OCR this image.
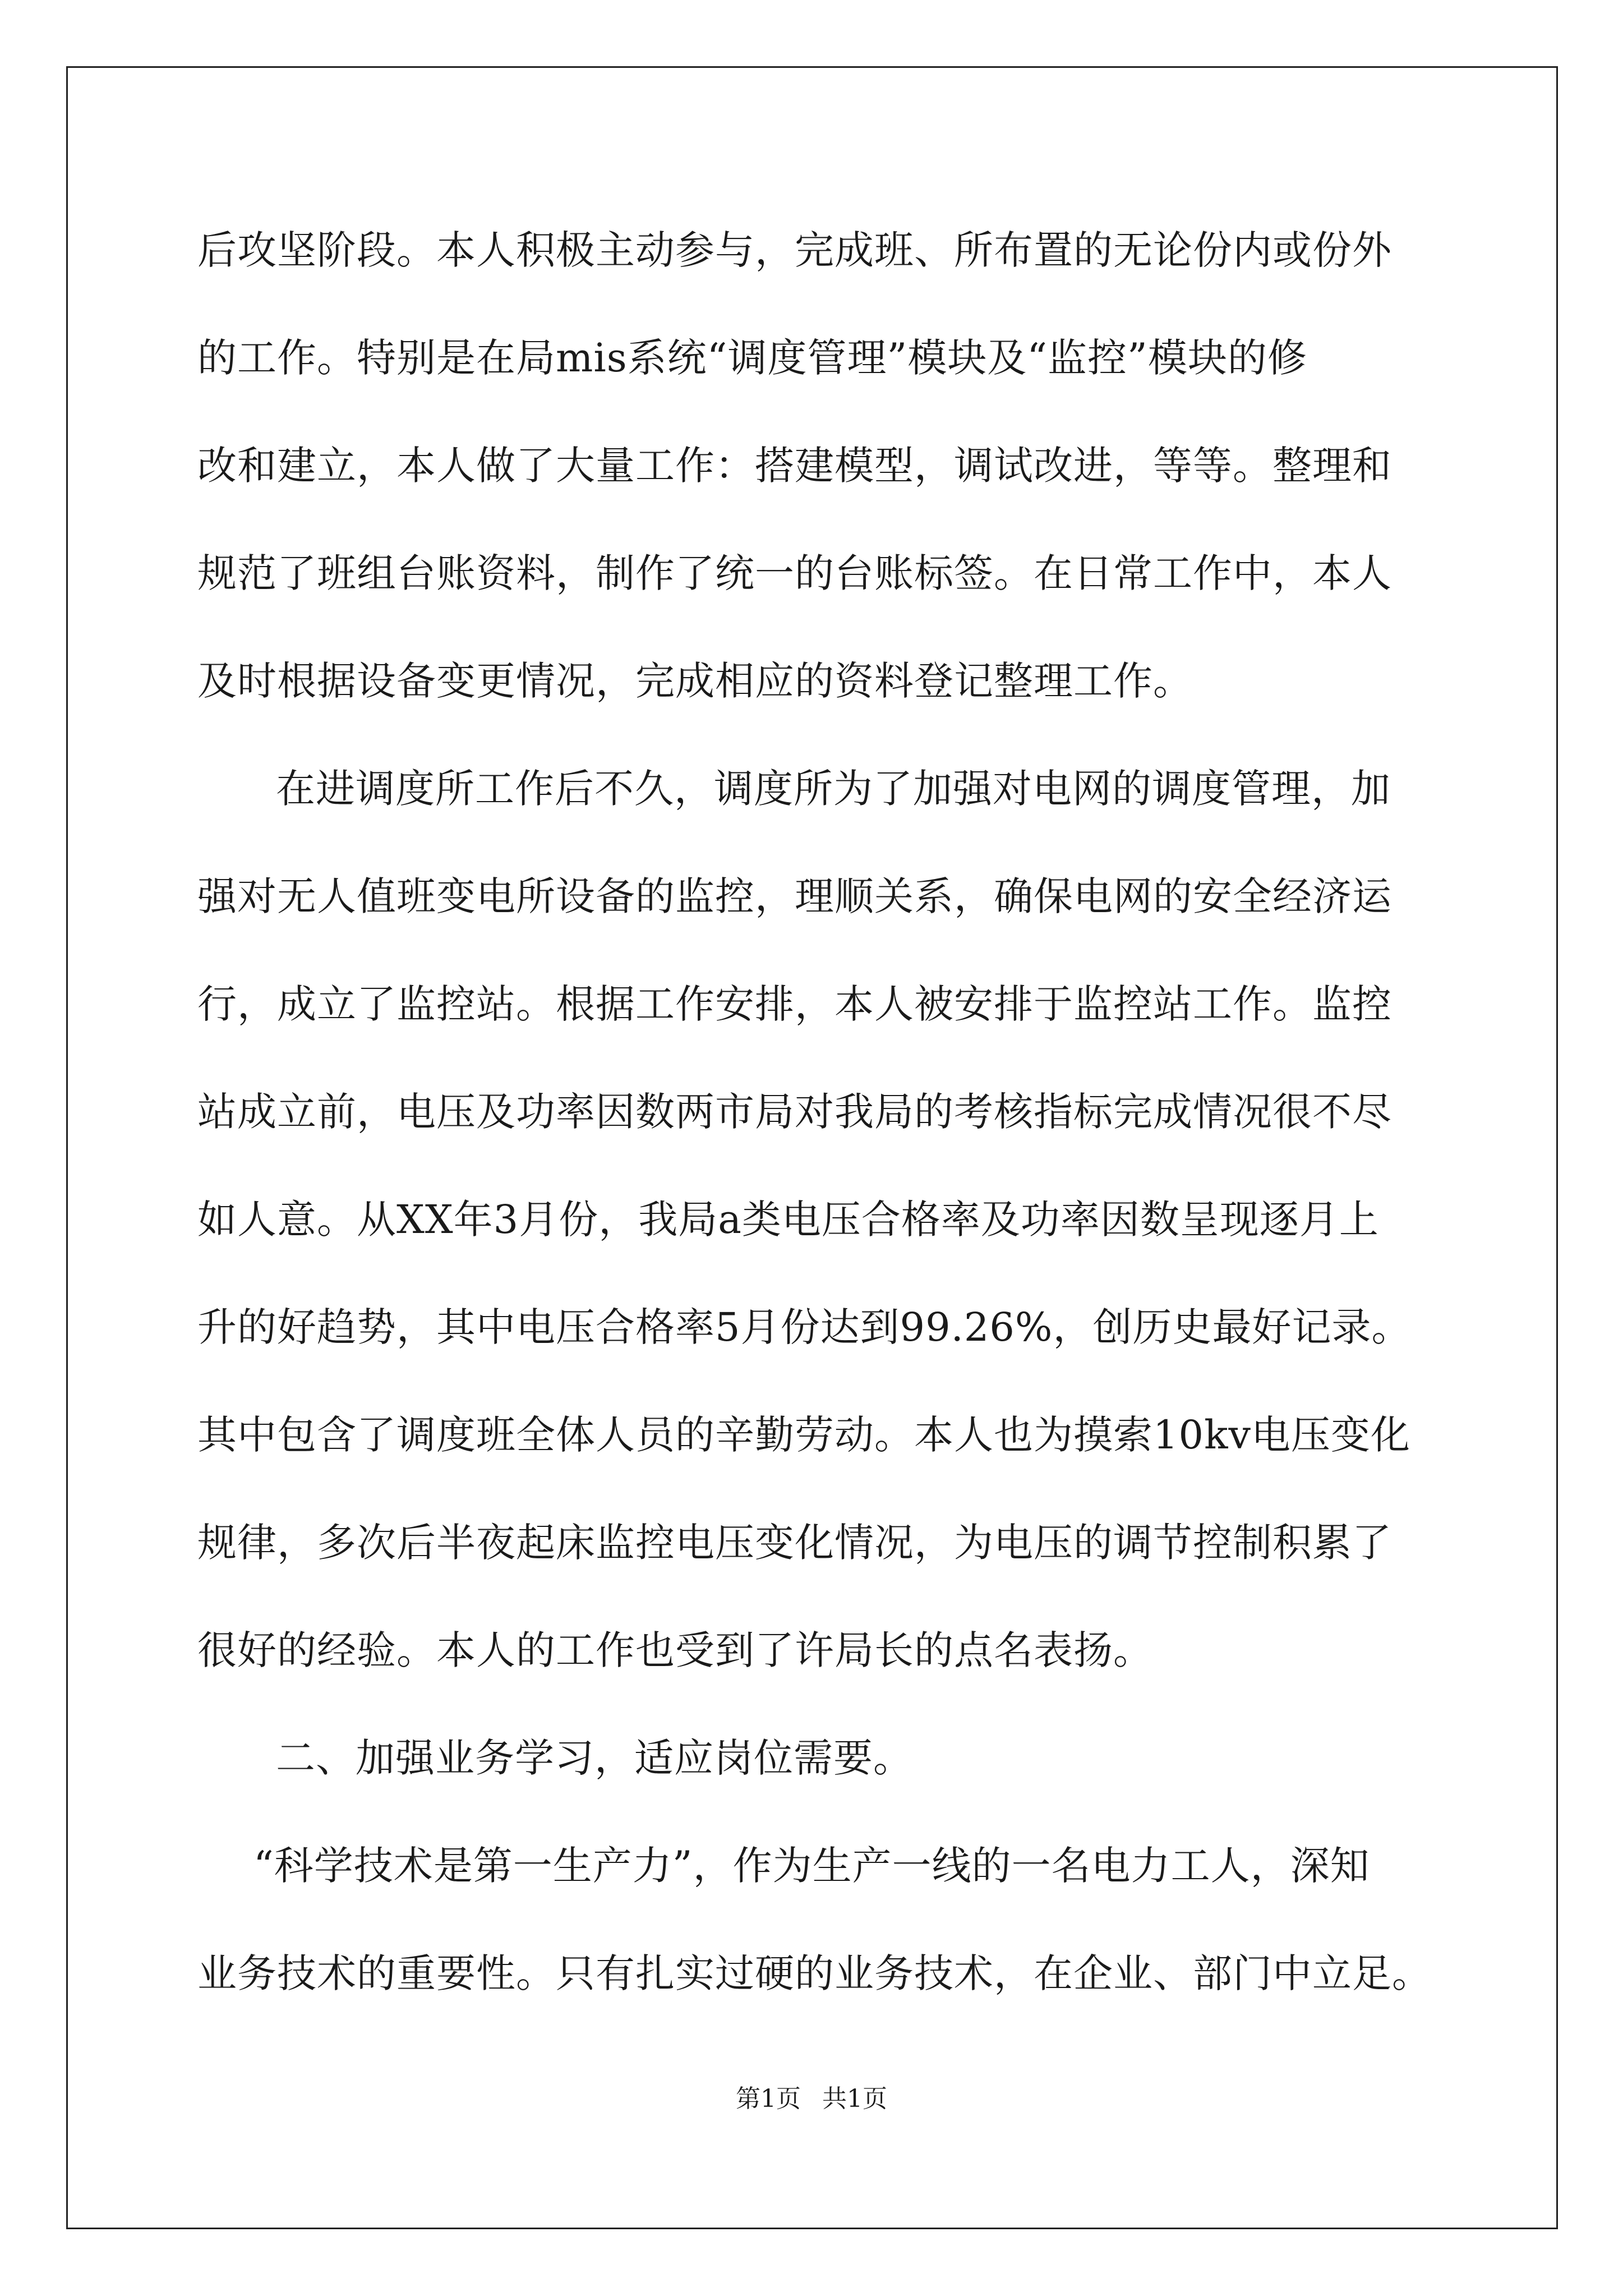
后攻坚阶段。本人积极主动参与，完成班、所布置的无论份内或份外
的工作。特别是在局mis系统“调度管理”模块及“监控”模块的修
改和建立，本人做了大量工作：搭建模型，调试改进，等等。整理和
规范了班组台账资料，制作了统一的台账标签。在日常工作中，本人
及时根据设备变更情况，完成相应的资料登记整理工作。
在进调度所工作后不久，调度所为了加强对电网的调度管理，加
强对无人值班变电所设备的监控，理顺关系，确保电网的安全经济运
行，成立了监控站。根据工作安排，本人被安排于监控站工作。监控
站成立前，电压及功率因数两市局对我局的考核指标完成情况很不尽
如人意。从XX年3月份，我局a类电压合格率及功率因数呈现逐月上
升的好趋势，其中电压合格率5月份达到99.26%，创历史最好记录。
其中包含了调度班全体人员的辛勤劳动。本人也为摸索10kv电压变化
规律，多次后半夜起床监控电压变化情况，为电压的调节控制积累了
很好的经验。本人的工作也受到了许局长的点名表扬。
二、加强业务学习，适应岗位需要。
“科学技术是第一生产力”，作为生产一线的一名电力工人，深知
业务技术的重要性。只有扎实过硬的业务技术，在企业、部门中立足。
第1页 共1页
